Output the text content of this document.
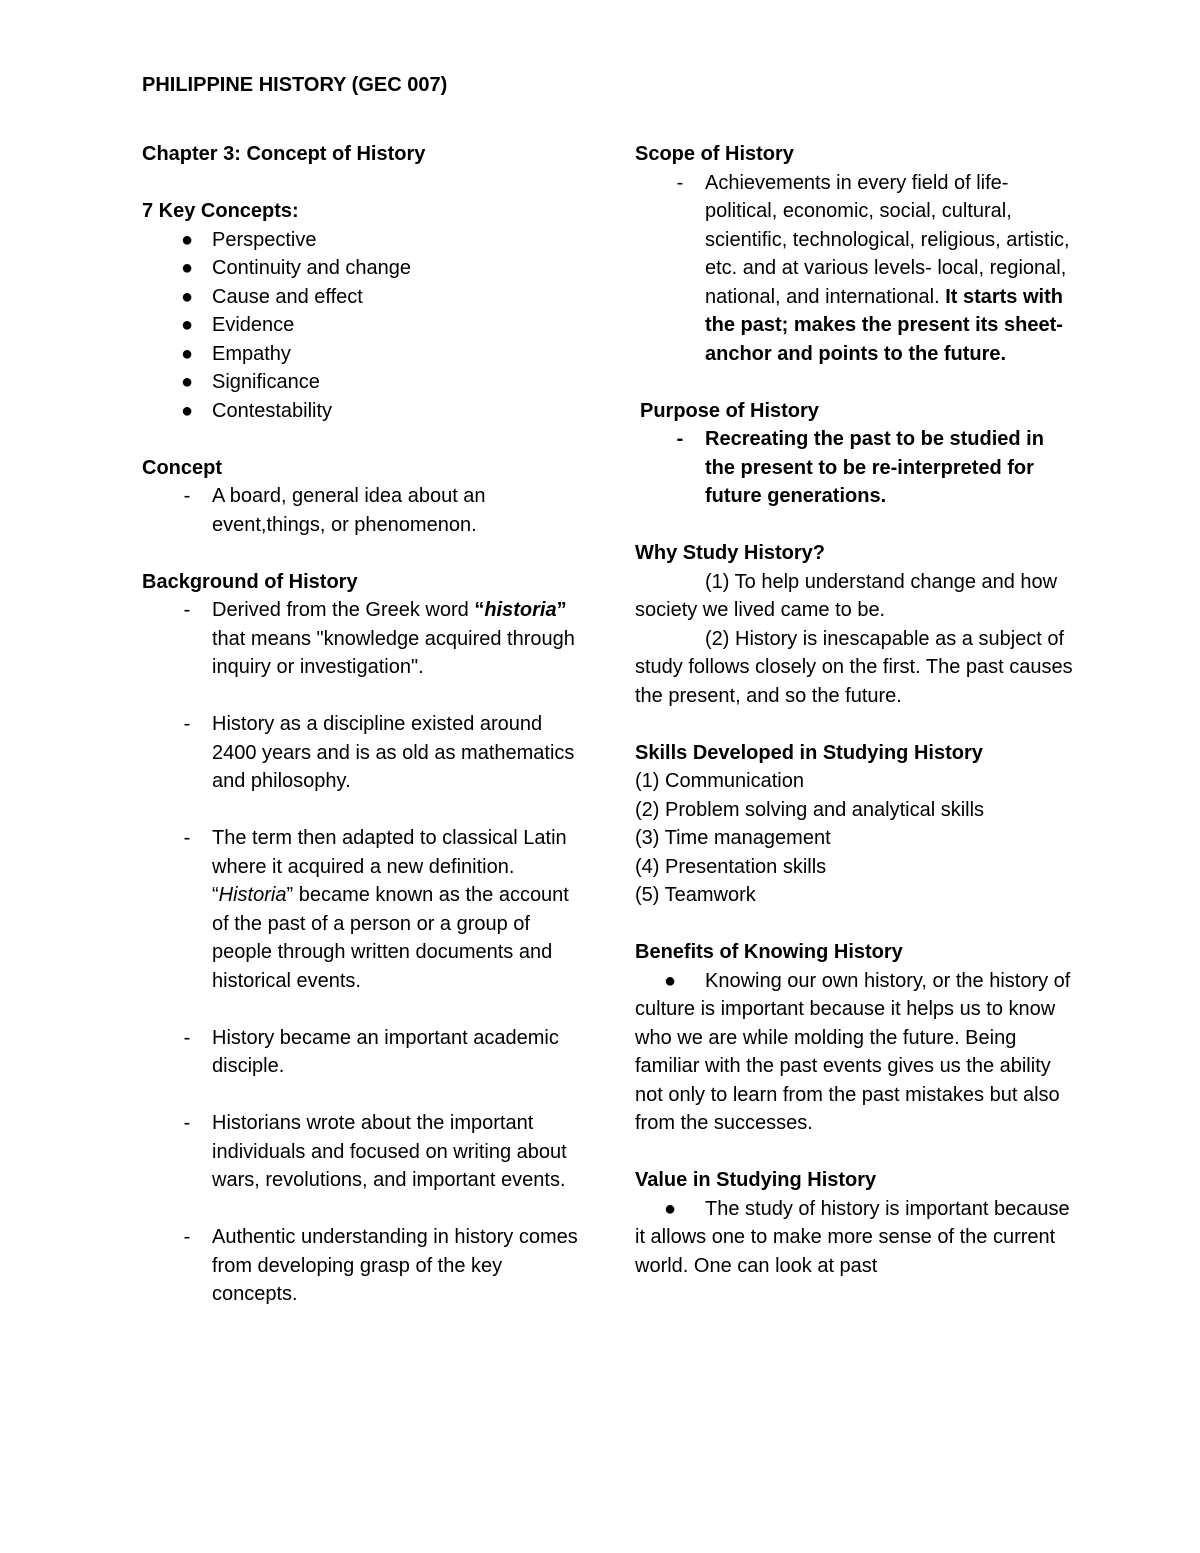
PHILIPPINE HISTORY (GEC 007)

Chapter 3: Concept of History

7 Key Concepts:

● Perspective

● Continuity and change

● Cause and effect

● Evidence

● Empathy

● Significance

● Contestability

Concept

-	A board, general idea about an event,things, or phenomenon.

Background of History

-	Derived from the Greek word “historia” that means "knowledge acquired through inquiry or investigation".

-	History as a discipline existed around 2400 years and is as old as mathematics and philosophy.

-	The term then adapted to classical Latin where it acquired a new definition. “Historia” became known as the account of the past of a person or a group of people through written documents and historical events.

-	History became an important academic disciple.

-	Historians wrote about the important individuals and focused on writing about wars, revolutions, and important events.

-	Authentic understanding in history comes from developing grasp of the key concepts.

Scope of History

-	Achievements in every field of life- political, economic, social, cultural, scientific, technological, religious, artistic, etc. and at various levels- local, regional, national, and international. It starts with the past; makes the present its sheet-anchor and points to the future.

Purpose of History

-	Recreating the past to be studied in the present to be re-interpreted for future generations.

Why Study History?

(1) To help understand change and how society we lived came to be.

(2) History is inescapable as a subject of study follows closely on the first. The past causes the present, and so the future.

Skills Developed in Studying History

(1) Communication

(2) Problem solving and analytical skills

(3) Time management

(4) Presentation skills

(5) Teamwork

Benefits of Knowing History

● Knowing our own history, or the history of culture is important because it helps us to know who we are while molding the future. Being familiar with the past events gives us the ability not only to learn from the past mistakes but also from the successes.

Value in Studying History

● The study of history is important because it allows one to make more sense of the current world. One can look at past
